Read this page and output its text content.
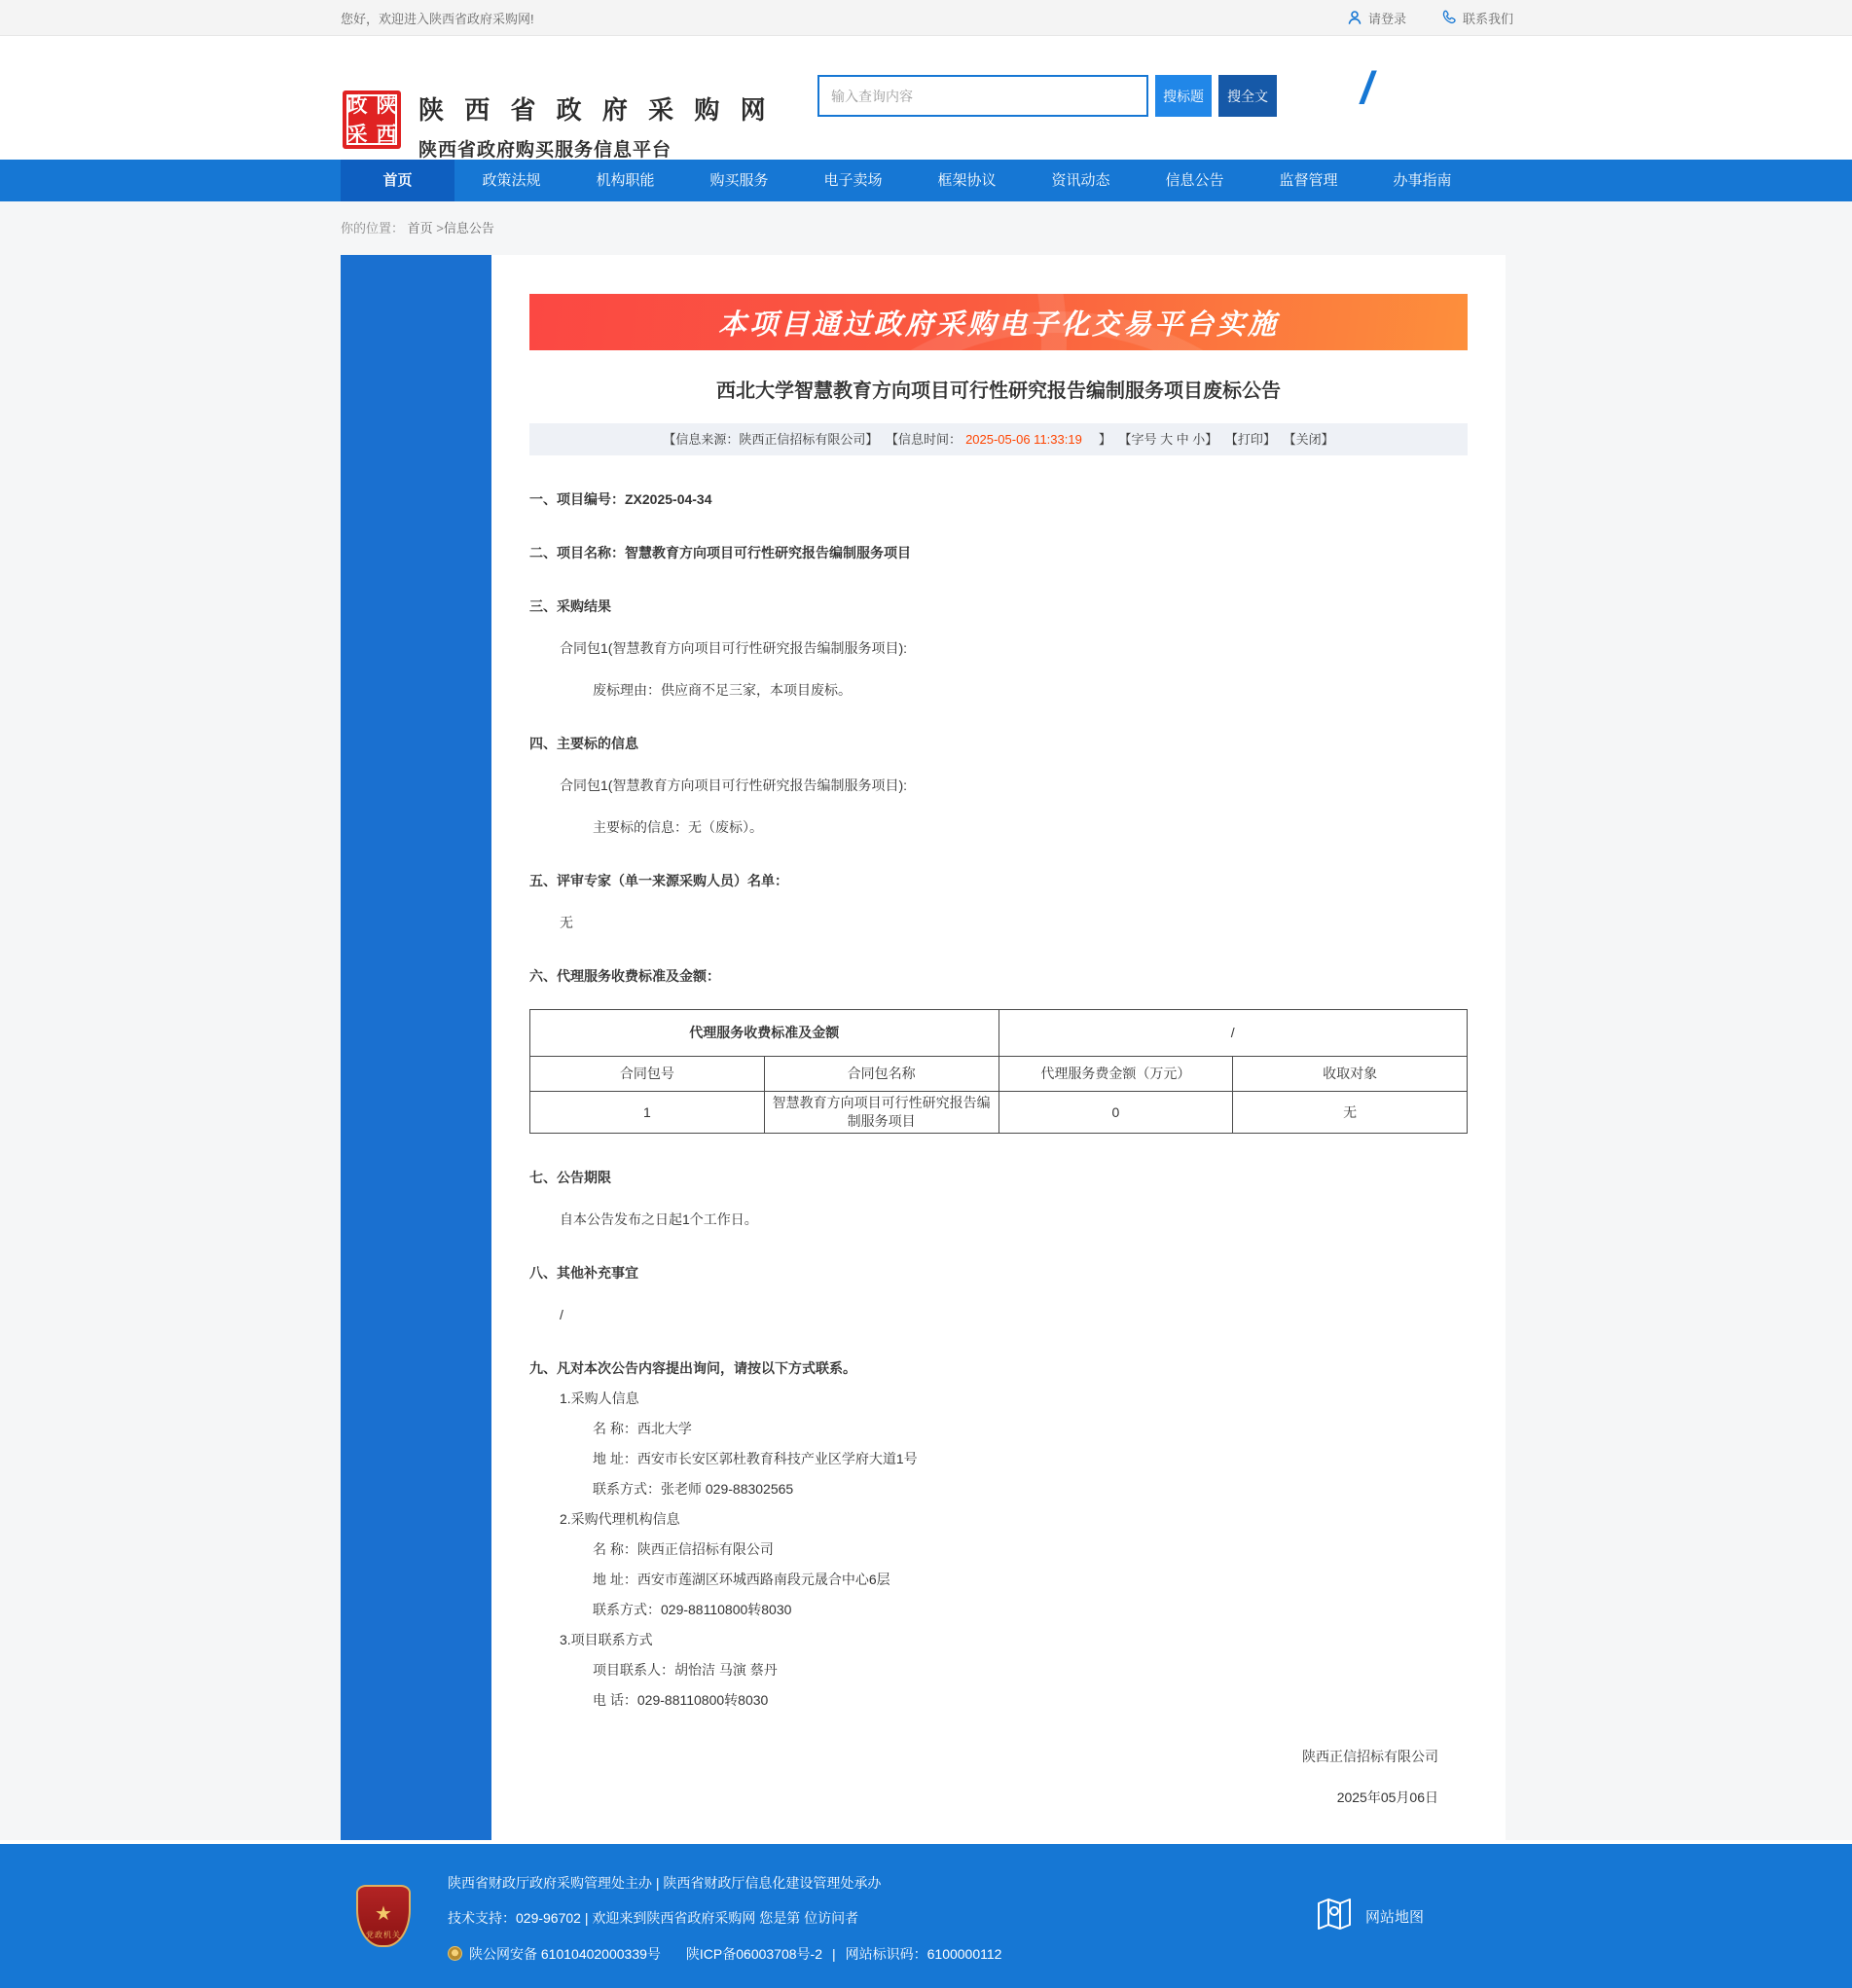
您好，欢迎进入陕西省政府采购网!	请登录	联系我们
政 陕
采 西
陕 西 省 政 府 采 购 网
陕西省政府购买服务信息平台
输入查询内容
搜标题	搜全文 /
首页	政策法规	机构职能	购买服务	电子卖场	框架协议	资讯动态	信息公告	监督管理	办事指南
你的位置： 首页 >信息公告
本项目通过政府采购电子化交易平台实施
西北大学智慧教育方向项目可行性研究报告编制服务项目废标公告
【信息来源：陕西正信招标有限公司】 【信息时间： 2025-05-06 11:33:19　】 【字号 大 中 小】 【打印】 【关闭】
一、项目编号：ZX2025-04-34
二、项目名称：智慧教育方向项目可行性研究报告编制服务项目
三、采购结果
合同包1(智慧教育方向项目可行性研究报告编制服务项目):
废标理由：供应商不足三家，本项目废标。
四、主要标的信息
合同包1(智慧教育方向项目可行性研究报告编制服务项目):
主要标的信息：无（废标）。
五、评审专家（单一来源采购人员）名单：
无
六、代理服务收费标准及金额：
代理服务收费标准及金额		/	
合同包号	合同包名称	代理服务费金额（万元）	收取对象
1	智慧教育方向项目可行性研究报告编制服务项目	0	无
七、公告期限
自本公告发布之日起1个工作日。
八、其他补充事宜
/
九、凡对本次公告内容提出询问，请按以下方式联系。
1.采购人信息
名 称：西北大学
地 址：西安市长安区郭杜教育科技产业区学府大道1号
联系方式：张老师 029-88302565
2.采购代理机构信息
名 称：陕西正信招标有限公司
地 址：西安市莲湖区环城西路南段元晟合中心6层
联系方式：029-88110800转8030
3.项目联系方式
项目联系人：胡怡洁 马演 蔡丹
电 话：029-88110800转8030
陕西正信招标有限公司
2025年05月06日
★
党政机关
陕西省财政厅政府采购管理处主办 | 陕西省财政厅信息化建设管理处承办
技术支持：029-96702 | 欢迎来到陕西省政府采购网 您是第 位访问者
陕公网安备 61010402000339号 陕ICP备06003708号-2 | 网站标识码：6100000112
网站地图
